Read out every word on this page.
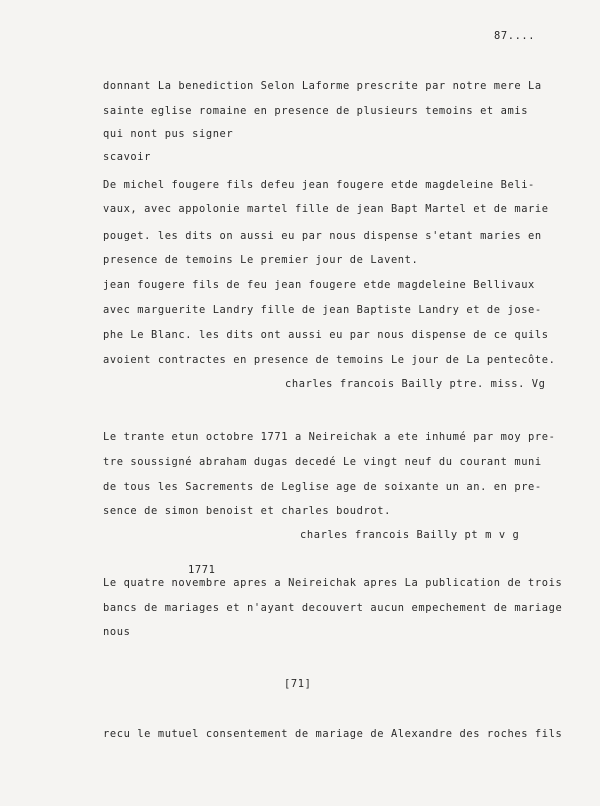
87....

donnant La benediction Selon Laforme prescrite par notre mere La

sainte eglise romaine en presence de plusieurs temoins et amis

qui nont pus signer

scavoir

De michel fougere fils defeu jean fougere etde magdeleine Beli-

vaux, avec appolonie martel fille de jean Bapt Martel et de marie

pouget. les dits on aussi eu par nous dispense s'etant maries en

presence de temoins Le premier jour de Lavent.

jean fougere fils de feu jean fougere etde magdeleine Bellivaux

avec marguerite Landry fille de jean Baptiste Landry et de jose-

phe Le Blanc. les dits ont aussi eu par nous dispense de ce quils

avoient contractes en presence de temoins Le jour de La pentecôte.

charles francois Bailly ptre. miss. Vg

Le trante etun octobre 1771 a Neireichak a ete inhumé par moy pre-

tre soussigné abraham dugas decedé Le vingt neuf du courant muni

de tous les Sacrements de Leglise age de soixante un an. en pre-

sence de simon benoist et charles boudrot.

charles francois Bailly pt m v g

1771

Le quatre novembre apres a Neireichak apres La publication de trois

bancs de mariages et n'ayant decouvert aucun empechement de mariage

nous

[71]

recu le mutuel consentement de mariage de Alexandre des roches fils
